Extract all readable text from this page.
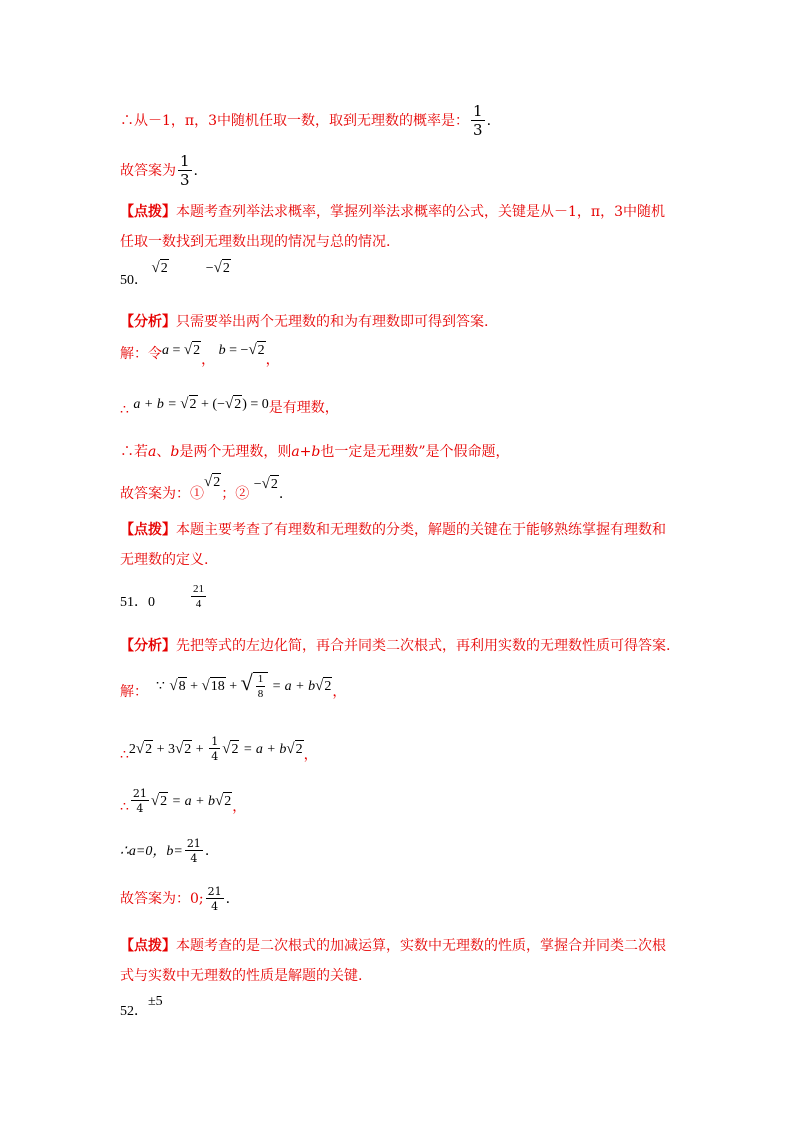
∴从－1，π，3中随机任取一数，取到无理数的概率是： $\frac{1}{3}$ .
故答案为 $\frac{1}{3}$ .
【点拨】本题考查列举法求概率，掌握列举法求概率的公式，关键是从－1，π，3中随机
任取一数找到无理数出现的情况与总的情况.
50． √2	−√2
【分析】只需要举出两个无理数的和为有理数即可得到答案.
解：令a = √2， b = −√2，
∴ a + b = √2 + (−√2) = 0是有理数，
∴若a、b是两个无理数，则a+b也一定是无理数”是个假命题，
故答案为：①√2；② −√2.
【点拨】本题主要考查了有理数和无理数的分类，解题的关键在于能够熟练掌握有理数和
无理数的定义.
51．0	$\frac{21}{4}$
【分析】先把等式的左边化简，再合并同类二次根式，再利用实数的无理数性质可得答案.
解： ∵ √8 + √18 + √ $\frac{1}{8} = a + b√2$，
∴2√2 + $3√2 + \frac{1}{4} √2 = a + b√2$，
∴ $\frac{21}{4} √2 = a + b√2$，
∴a=0，$b= \frac{21}{4}$ .
故答案为：0; $\frac{21}{4}$ .
【点拨】本题考查的是二次根式的加减运算，实数中无理数的性质，掌握合并同类二次根
式与实数中无理数的性质是解题的关键.
52．±5
